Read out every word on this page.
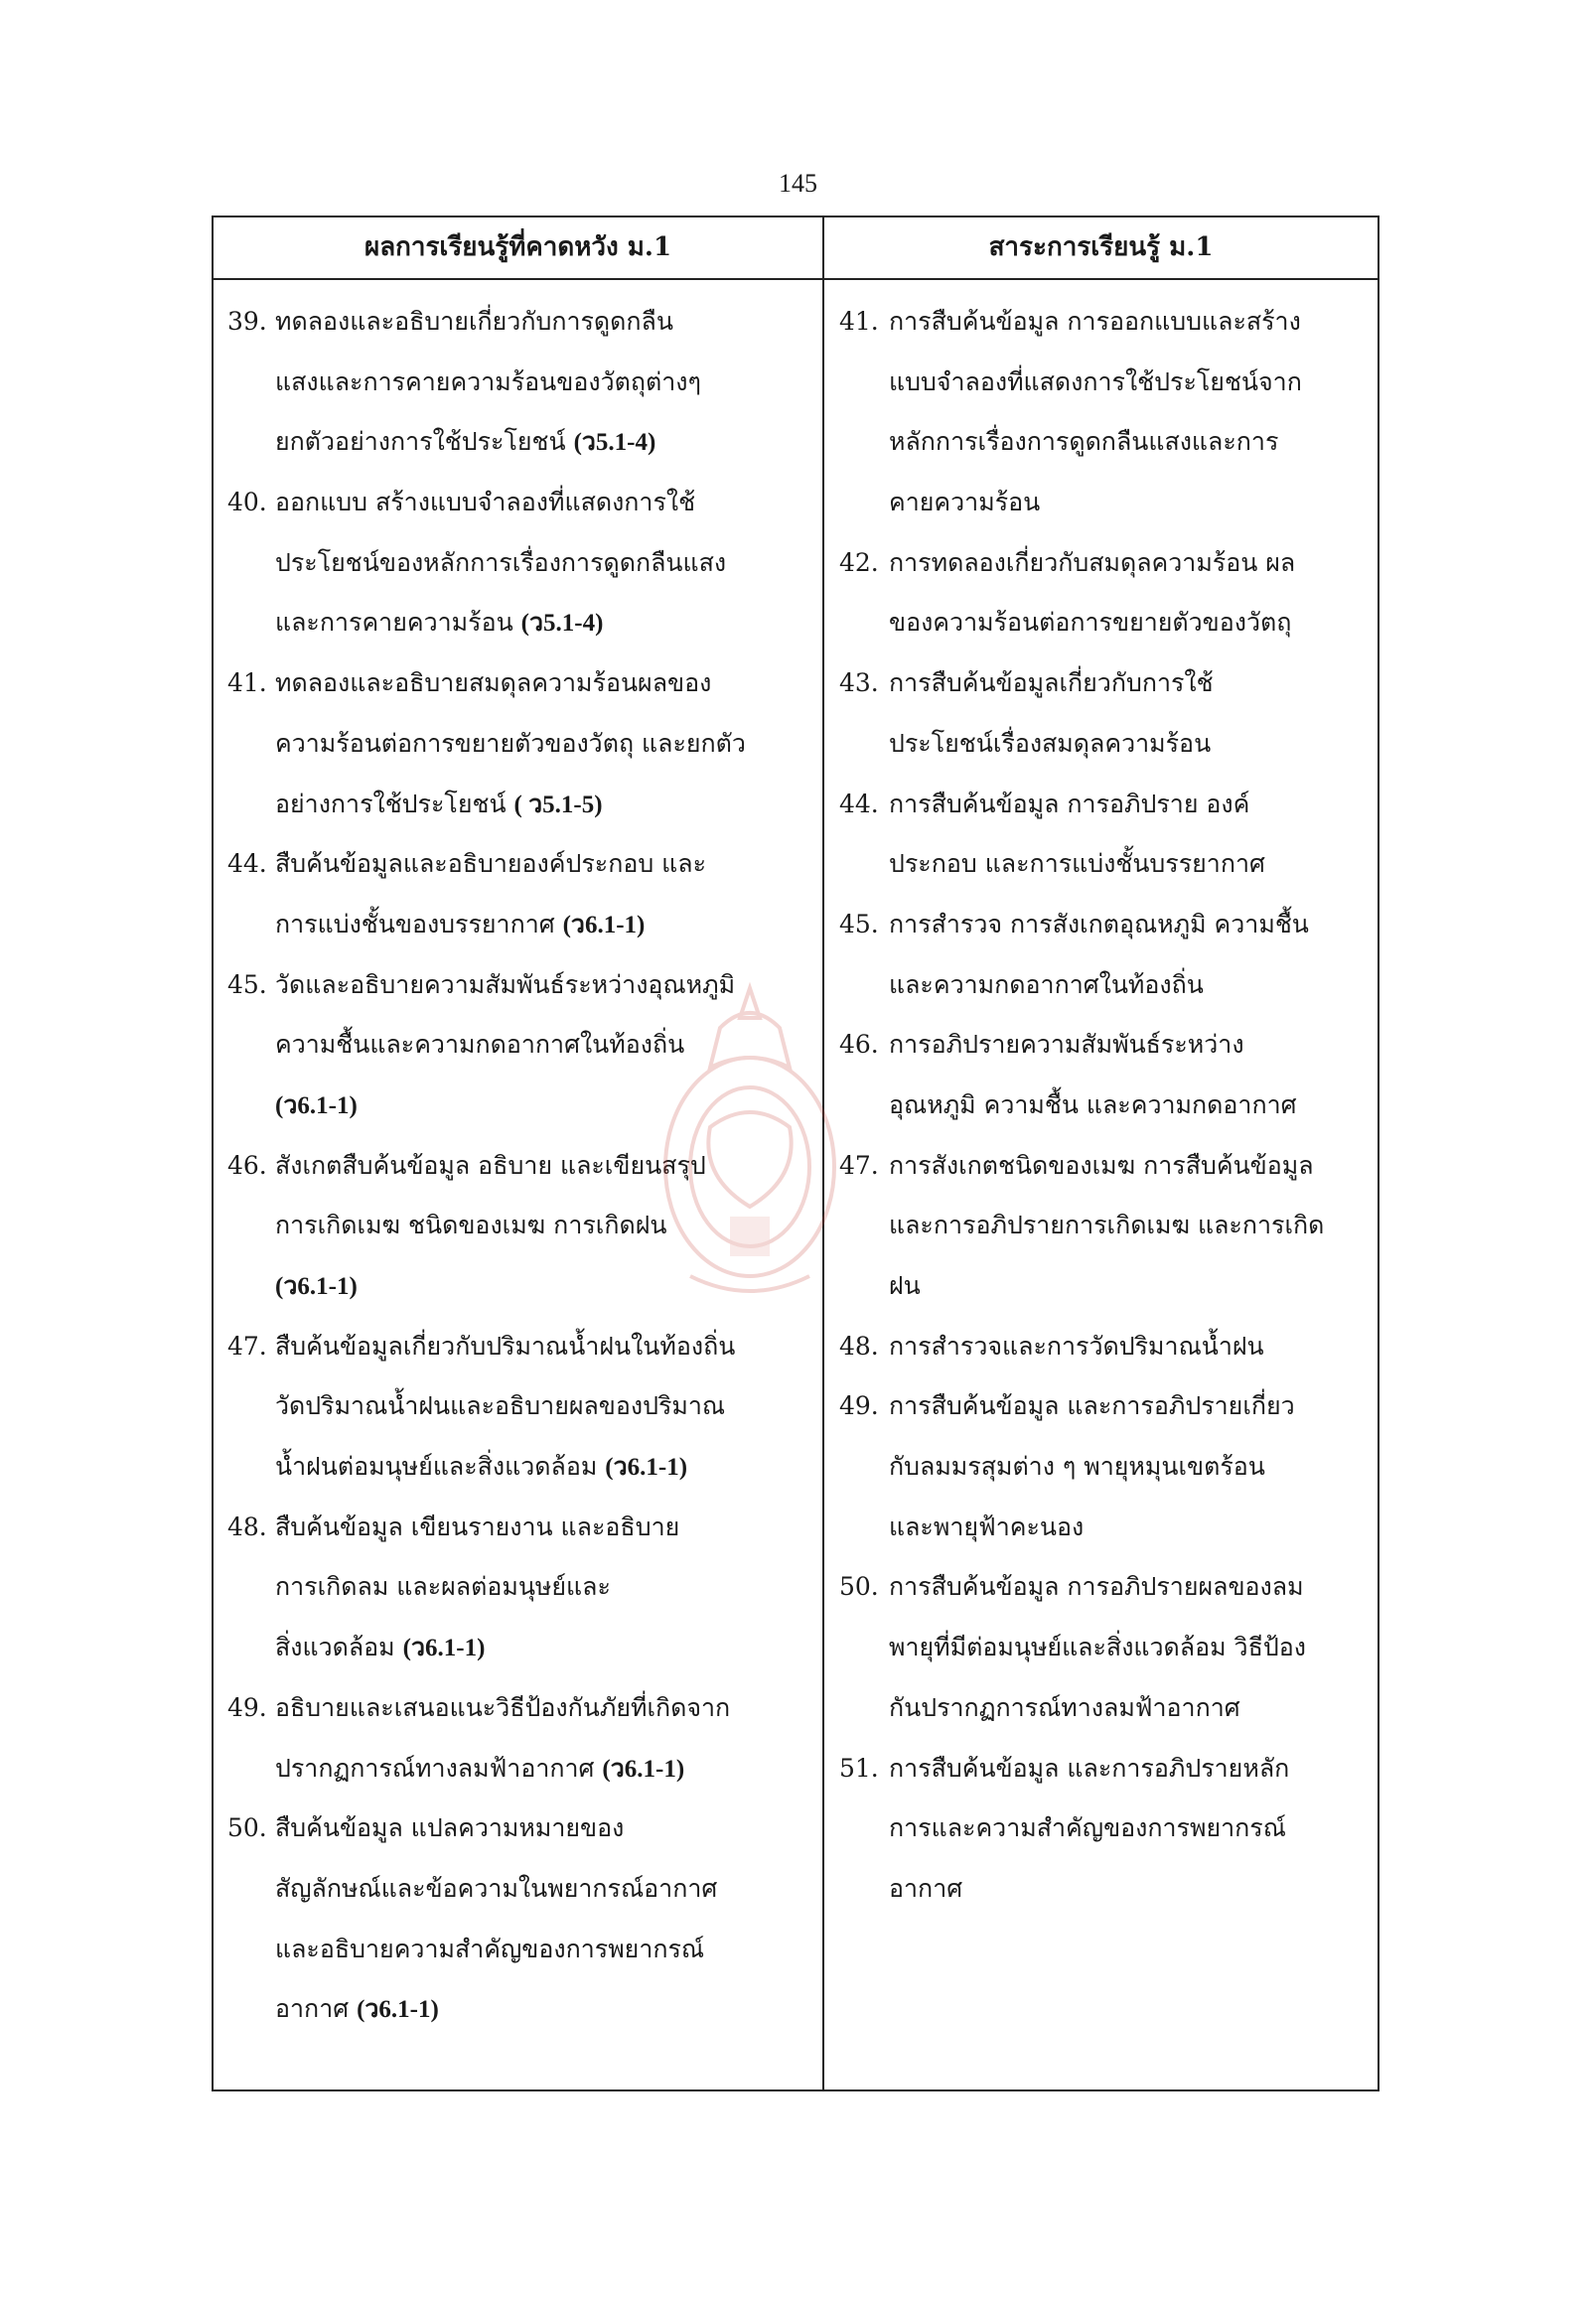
145
ผลการเรียนรู้ที่คาดหวัง ม.1	สาระการเรียนรู้ ม.1
39. ทดลองและอธิบายเกี่ยวกับการดูดกลืน
แสงและการคายความร้อนของวัตถุต่างๆ
ยกตัวอย่างการใช้ประโยชน์ (ว5.1-4)
40. ออกแบบ สร้างแบบจำลองที่แสดงการใช้
ประโยชน์ของหลักการเรื่องการดูดกลืนแสง
และการคายความร้อน (ว5.1-4)
41. ทดลองและอธิบายสมดุลความร้อนผลของ
ความร้อนต่อการขยายตัวของวัตถุ และยกตัว
อย่างการใช้ประโยชน์ ( ว5.1-5)
44. สืบค้นข้อมูลและอธิบายองค์ประกอบ และ
การแบ่งชั้นของบรรยากาศ (ว6.1-1)
45. วัดและอธิบายความสัมพันธ์ระหว่างอุณหภูมิ
ความชื้นและความกดอากาศในท้องถิ่น
(ว6.1-1)
46. สังเกตสืบค้นข้อมูล อธิบาย และเขียนสรุป
การเกิดเมฆ ชนิดของเมฆ การเกิดฝน
(ว6.1-1)
47. สืบค้นข้อมูลเกี่ยวกับปริมาณน้ำฝนในท้องถิ่น
วัดปริมาณน้ำฝนและอธิบายผลของปริมาณ
น้ำฝนต่อมนุษย์และสิ่งแวดล้อม (ว6.1-1)
48. สืบค้นข้อมูล เขียนรายงาน และอธิบาย
การเกิดลม และผลต่อมนุษย์และ
สิ่งแวดล้อม (ว6.1-1)
49. อธิบายและเสนอแนะวิธีป้องกันภัยที่เกิดจาก
ปรากฏการณ์ทางลมฟ้าอากาศ (ว6.1-1)
50. สืบค้นข้อมูล แปลความหมายของ
สัญลักษณ์และข้อความในพยากรณ์อากาศ
และอธิบายความสำคัญของการพยากรณ์
อากาศ (ว6.1-1)
41. การสืบค้นข้อมูล การออกแบบและสร้าง
แบบจำลองที่แสดงการใช้ประโยชน์จาก
หลักการเรื่องการดูดกลืนแสงและการ
คายความร้อน
42. การทดลองเกี่ยวกับสมดุลความร้อน ผล
ของความร้อนต่อการขยายตัวของวัตถุ
43. การสืบค้นข้อมูลเกี่ยวกับการใช้
ประโยชน์เรื่องสมดุลความร้อน
44. การสืบค้นข้อมูล การอภิปราย องค์
ประกอบ และการแบ่งชั้นบรรยากาศ
45. การสำรวจ การสังเกตอุณหภูมิ ความชื้น
และความกดอากาศในท้องถิ่น
46. การอภิปรายความสัมพันธ์ระหว่าง
อุณหภูมิ ความชื้น และความกดอากาศ
47. การสังเกตชนิดของเมฆ การสืบค้นข้อมูล
และการอภิปรายการเกิดเมฆ และการเกิด
ฝน
48. การสำรวจและการวัดปริมาณน้ำฝน
49. การสืบค้นข้อมูล และการอภิปรายเกี่ยว
กับลมมรสุมต่าง ๆ พายุหมุนเขตร้อน
และพายุฟ้าคะนอง
50. การสืบค้นข้อมูล การอภิปรายผลของลม
พายุที่มีต่อมนุษย์และสิ่งแวดล้อม วิธีป้อง
กันปรากฏการณ์ทางลมฟ้าอากาศ
51. การสืบค้นข้อมูล และการอภิปรายหลัก
การและความสำคัญของการพยากรณ์
อากาศ
